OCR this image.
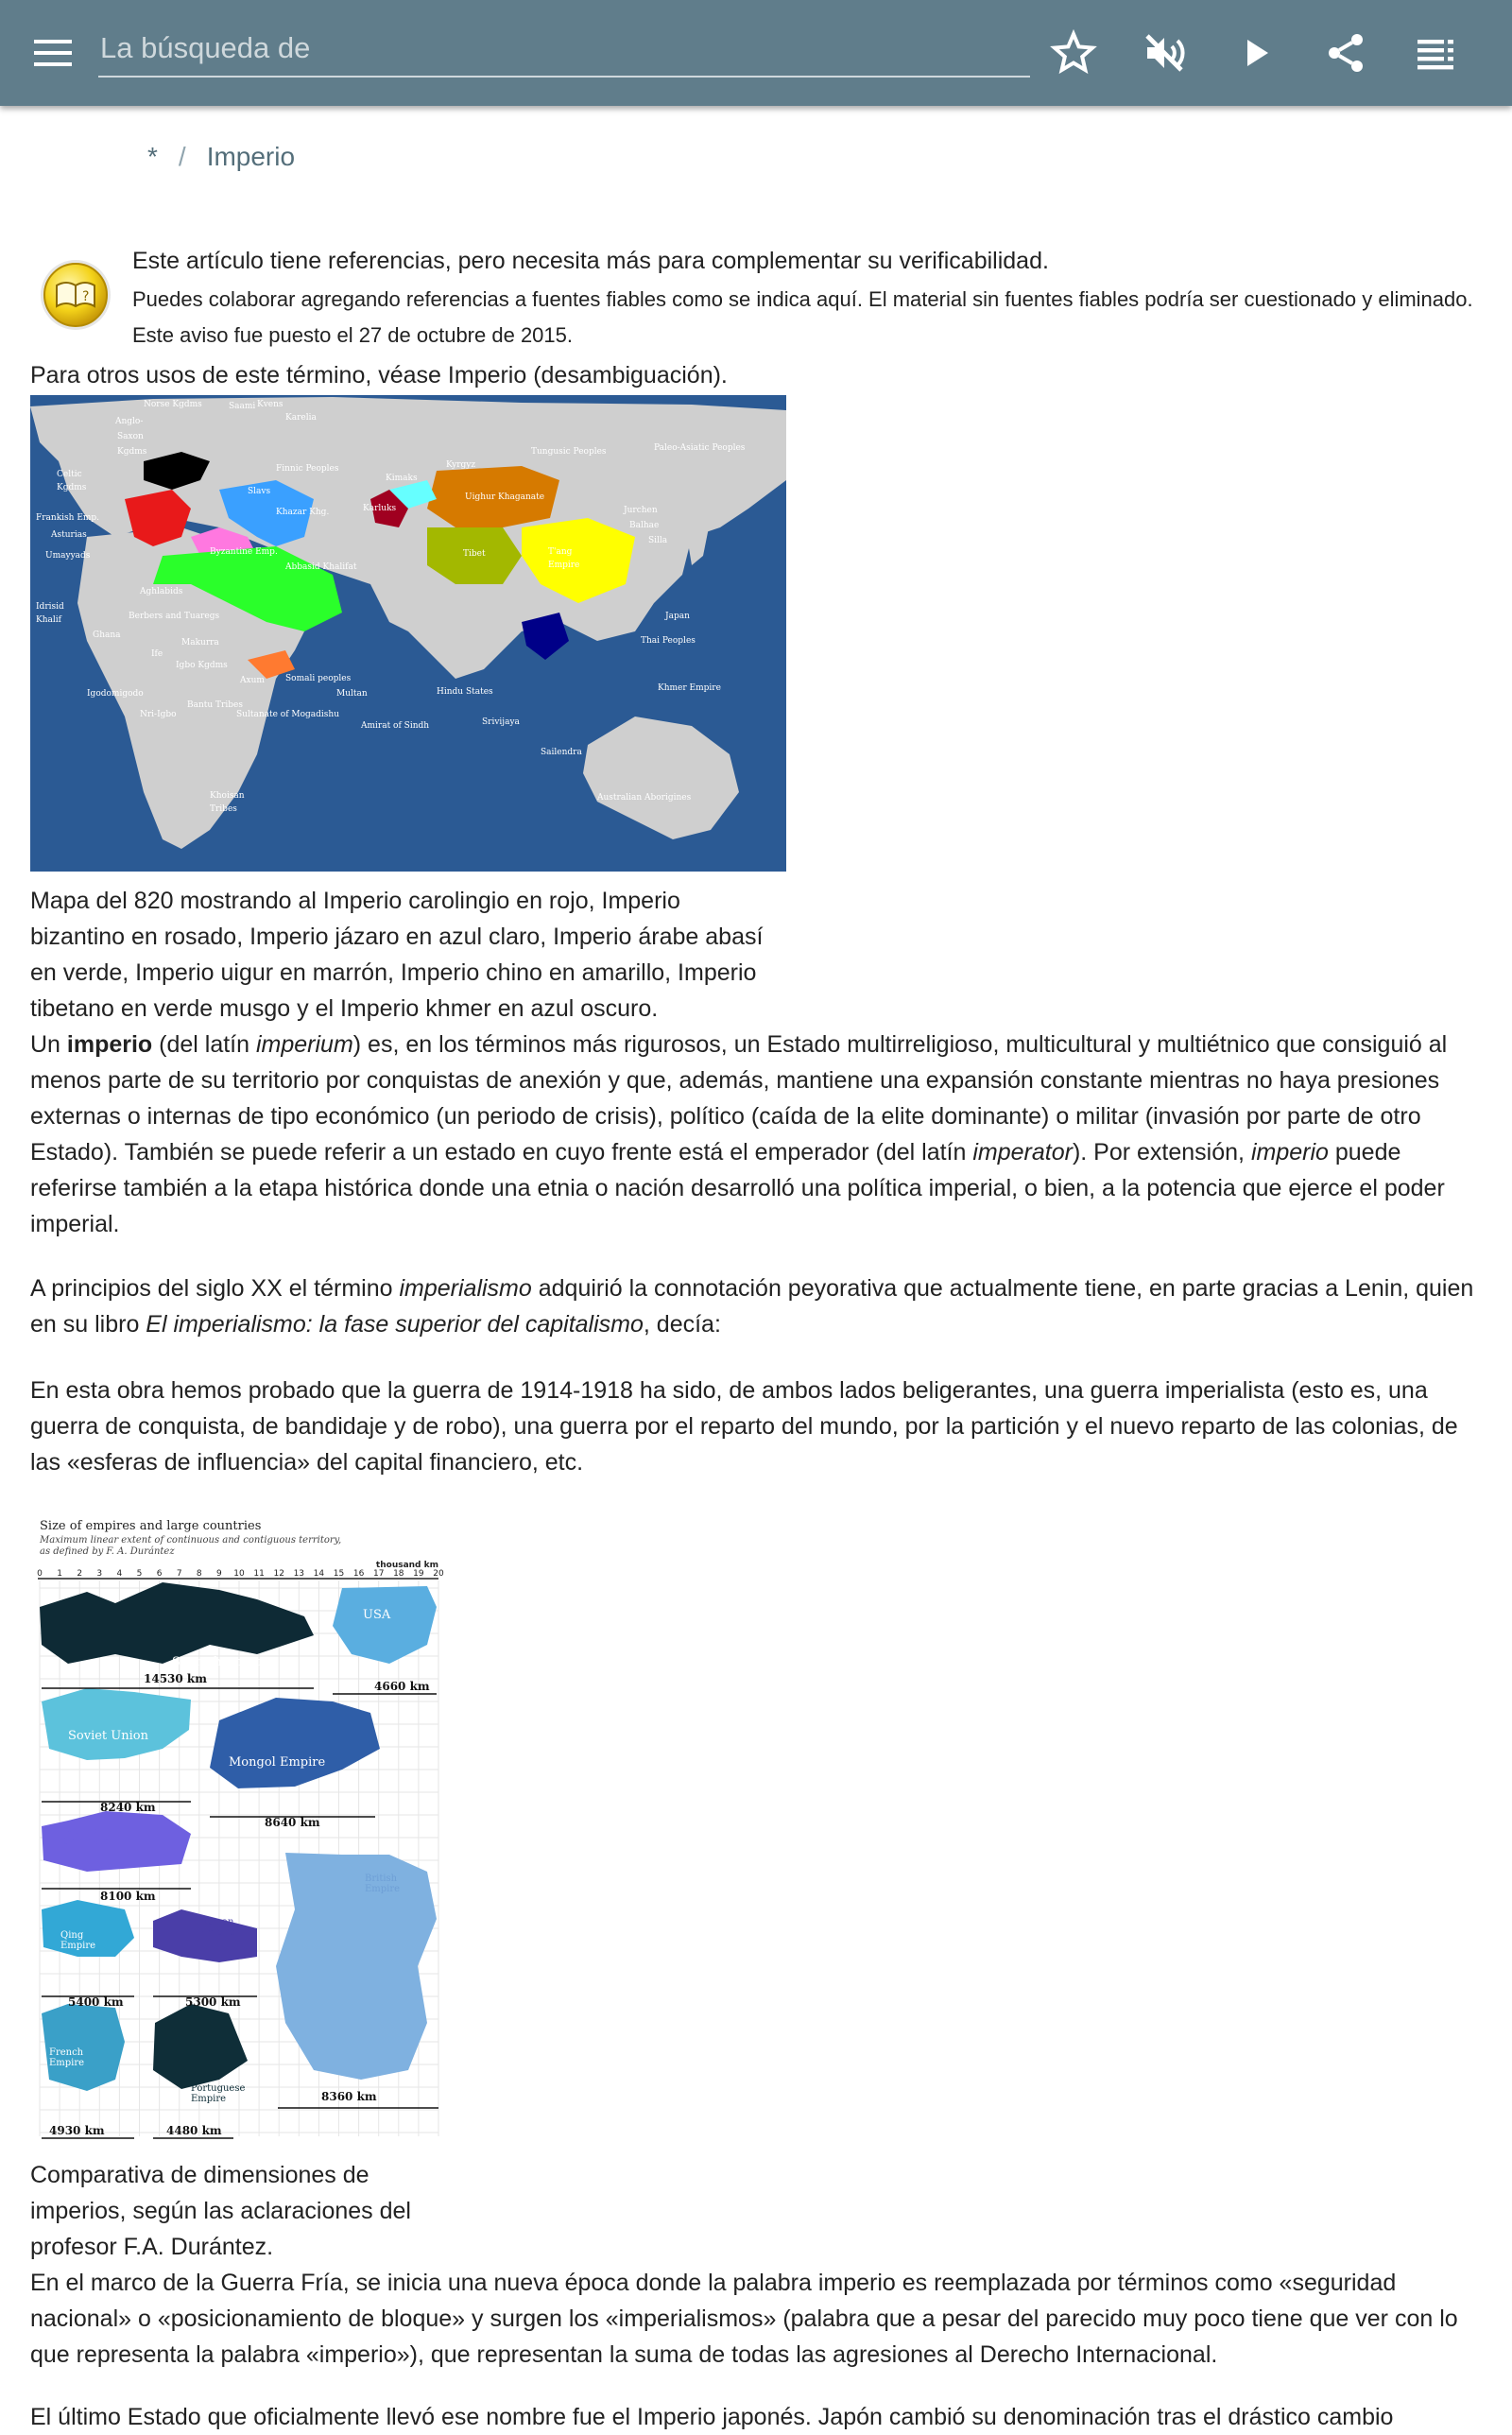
La búsqueda de
* / Imperio
?
Este artículo tiene referencias, pero necesita más para complementar su verificabilidad.
Puedes colaborar agregando referencias a fuentes fiables como se indica aquí. El material sin fuentes fiables podría ser cuestionado y eliminado.
Este aviso fue puesto el 27 de octubre de 2015.
Para otros usos de este término, véase Imperio (desambiguación).
Norse Kgdms	Saami Kvens
Karelia
Anglo-
Saxon
Kgdms
Finnic Peoples
Paleo-Asiatic Peoples
Tungusic Peoples
Kyrgyz
Celtic
Kgdms	Slavs
Kimaks
Uighur Khaganate
Frankish Emp.
Khazar Khg.	Karluks	Jurchen
Asturias
Balhae
Silla
Umayyads	Byzantine Emp.	T'ang
Empire
Tibet
Abbasid Khalifat
Aghlabids
Idrisid
Khalif	Japan
Berbers and Tuaregs
Thai Peoples
Ghana
Makurra
Ife
Igbo Kgdms
Somali peoples
Khmer Empire
Axum
Igodomigodo
Bantu Tribes
Hindu States
Multan
Nri-Igbo	Sultanate of Mogadishu
Amirat of Sindh	Srivijaya
Sailendra
Khoisan
Tribes
Australian Aborigines
Mapa del 820 mostrando al Imperio carolingio en rojo, Imperio
bizantino en rosado, Imperio jázaro en azul claro, Imperio árabe abasí
en verde, Imperio uigur en marrón, Imperio chino en amarillo, Imperio
tibetano en verde musgo y el Imperio khmer en azul oscuro.
Un imperio (del latín imperium) es, en los términos más rigurosos, un Estado multirreligioso, multicultural y multiétnico que consiguió al menos parte de su territorio por conquistas de anexión y que, además, mantiene una expansión constante mientras no haya presiones externas o internas de tipo económico (un periodo de crisis), político (caída de la elite dominante) o militar (invasión por parte de otro Estado). También se puede referir a un estado en cuyo frente está el emperador (del latín imperator). Por extensión, imperio puede referirse también a la etapa histórica donde una etnia o nación desarrolló una política imperial, o bien, a la potencia que ejerce el poder imperial.
A principios del siglo XX el término imperialismo adquirió la connotación peyorativa que actualmente tiene, en parte gracias a Lenin, quien en su libro El imperialismo: la fase superior del capitalismo, decía:
En esta obra hemos probado que la guerra de 1914-1918 ha sido, de ambos lados beligerantes, una guerra imperialista (esto es, una guerra de conquista, de bandidaje y de robo), una guerra por el reparto del mundo, por la partición y el nuevo reparto de las colonias, de las «esferas de influencia» del capital financiero, etc.
Size of empires and large countries
Maximum linear extent of continuous and contiguous territory,
as defined by F. A. Durántez
thousand km
0 1 2 3 4 5 6 7 8 9 10 11 12 13 14 15 16 17 18 19 20
Spanish Empire
14530 km
USA
4660 km
Soviet Union
8240 km
Mongol Empire
8640 km
Islamic
Caliphate
8100 km
British
Empire
8360 km
Qing
Empire
5400 km
Roman
Empire
5300 km
French
Empire
4930 km
Portuguese
Empire
4480 km
Comparativa de dimensiones de
imperios, según las aclaraciones del
profesor F.A. Durántez.
En el marco de la Guerra Fría, se inicia una nueva época donde la palabra imperio es reemplazada por términos como «seguridad nacional» o «posicionamiento de bloque» y surgen los «imperialismos» (palabra que a pesar del parecido muy poco tiene que ver con lo que representa la palabra «imperio»), que representan la suma de todas las agresiones al Derecho Internacional.
El último Estado que oficialmente llevó ese nombre fue el Imperio japonés. Japón cambió su denominación tras el drástico cambio
